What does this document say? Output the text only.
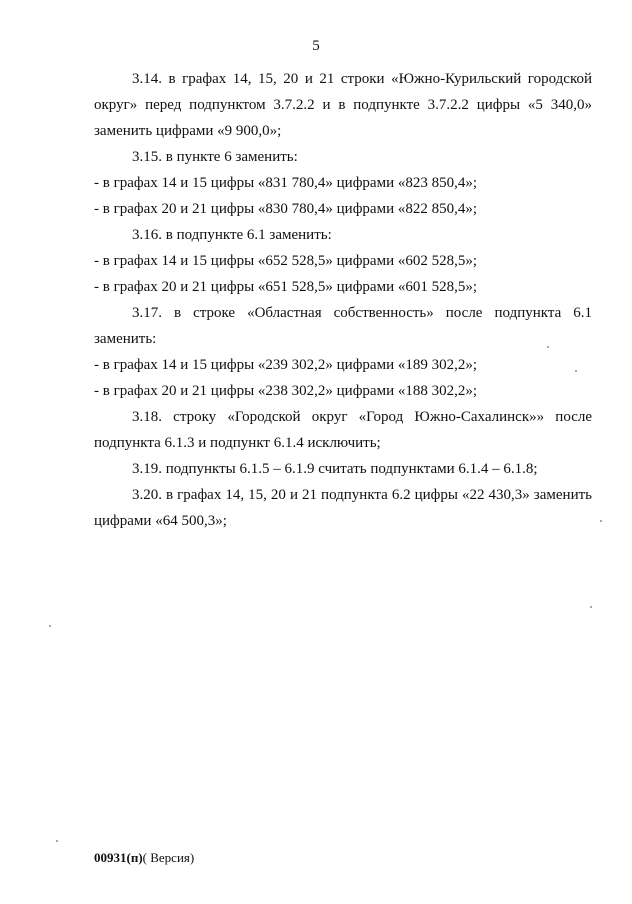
5

3.14. в графах 14, 15, 20 и 21 строки «Южно-Курильский городской округ» перед подпунктом 3.7.2.2 и в подпункте 3.7.2.2 цифры «5 340,0» заменить цифрами «9 900,0»;

3.15. в пункте 6 заменить:

- в графах 14 и 15 цифры «831 780,4» цифрами «823 850,4»;

- в графах 20 и 21 цифры «830 780,4» цифрами «822 850,4»;

3.16. в подпункте 6.1 заменить:

- в графах 14 и 15 цифры «652 528,5» цифрами «602 528,5»;

- в графах 20 и 21 цифры «651 528,5» цифрами «601 528,5»;

3.17. в строке «Областная собственность» после подпункта 6.1 заменить:

- в графах 14 и 15 цифры «239 302,2» цифрами «189 302,2»;

- в графах 20 и 21 цифры «238 302,2» цифрами «188 302,2»;

3.18. строку «Городской округ «Город Южно-Сахалинск»» после подпункта 6.1.3 и подпункт 6.1.4 исключить;

3.19. подпункты 6.1.5 – 6.1.9 считать подпунктами 6.1.4 – 6.1.8;

3.20. в графах 14, 15, 20 и 21 подпункта 6.2 цифры «22 430,3» заменить цифрами «64 500,3»;

00931(п)( Версия)
